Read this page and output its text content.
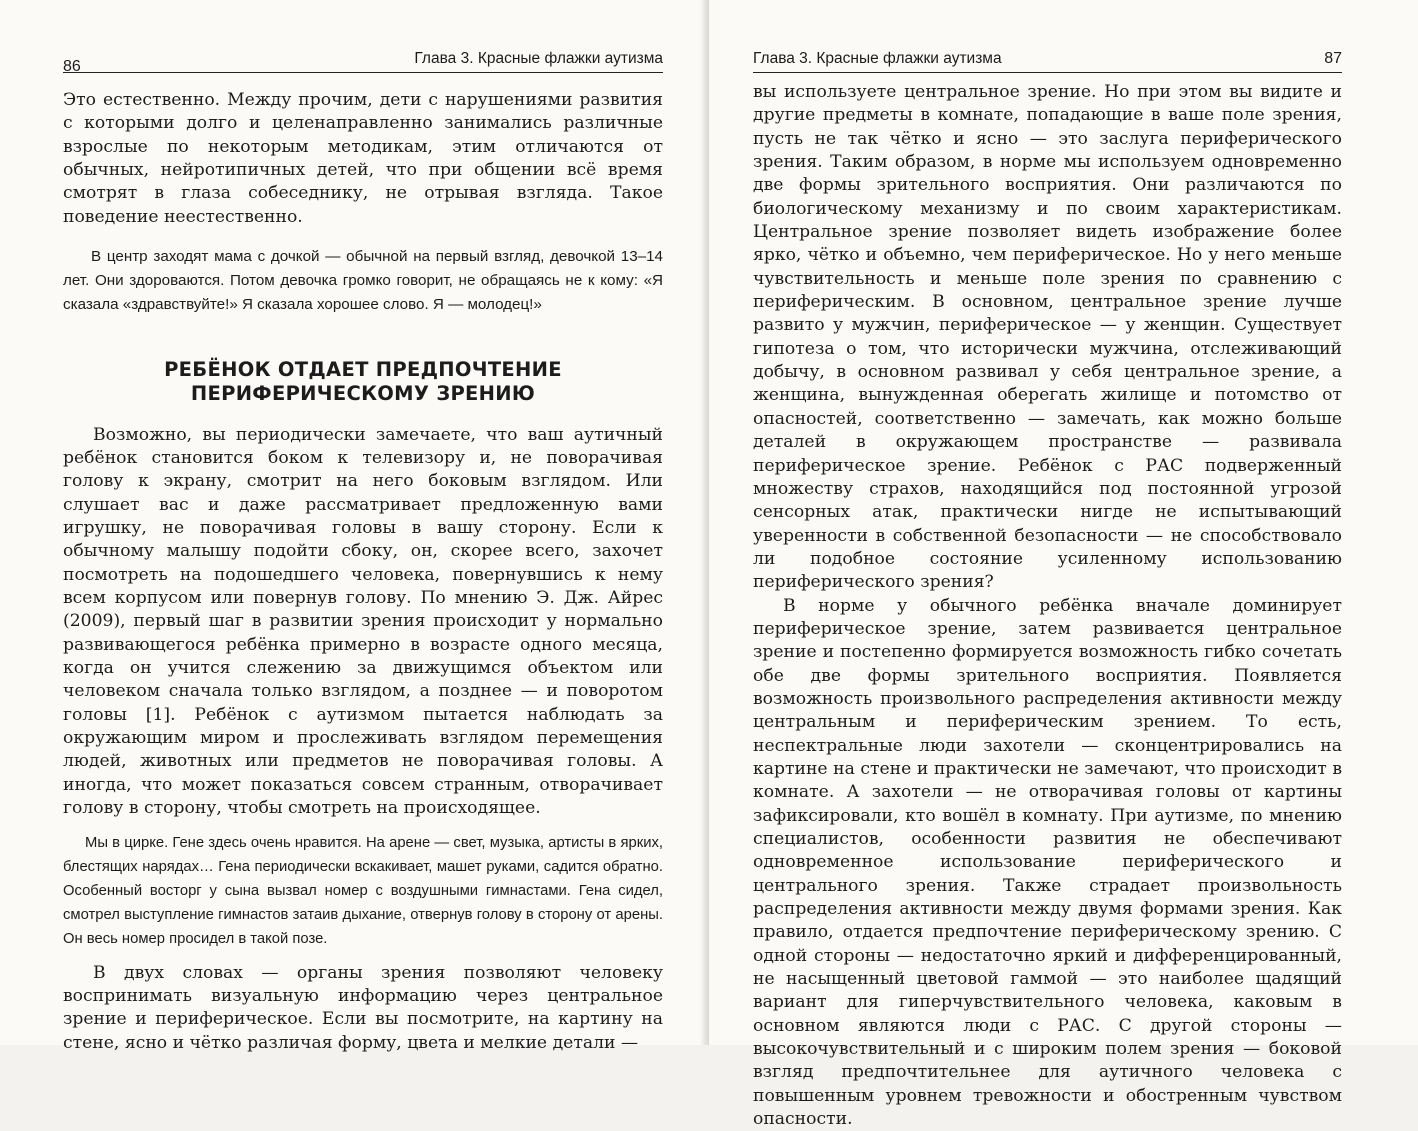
86	Глава 3. Красные флажки аутизма

Это естественно. Между прочим, дети с нарушениями развития с которыми долго и целенаправленно занимались различные взрослые по некоторым методикам, этим отличаются от обычных, нейротипичных детей, что при общении всё время смотрят в глаза собеседнику, не отрывая взгляда. Такое поведение неестественно.

В центр заходят мама с дочкой — обычной на первый взгляд, девочкой 13–14 лет. Они здороваются. Потом девочка громко говорит, не обращаясь не к кому: «Я сказала «здравствуйте!» Я сказала хорошее слово. Я — молодец!»

РЕБЁНОК ОТДАЕТ ПРЕДПОЧТЕНИЕ
ПЕРИФЕРИЧЕСКОМУ ЗРЕНИЮ

Возможно, вы периодически замечаете, что ваш аутичный ребёнок становится боком к телевизору и, не поворачивая голову к экрану, смотрит на него боковым взглядом. Или слушает вас и даже рассматривает предложенную вами игрушку, не поворачивая головы в вашу сторону. Если к обычному малышу подойти сбоку, он, скорее всего, захочет посмотреть на подошедшего человека, повернувшись к нему всем корпусом или повернув голову. По мнению Э. Дж. Айрес (2009), первый шаг в развитии зрения происходит у нормально развивающегося ребёнка примерно в возрасте одного месяца, когда он учится слежению за движущимся объектом или человеком сначала только взглядом, а позднее — и поворотом головы [1]. Ребёнок с аутизмом пытается наблюдать за окружающим миром и прослеживать взглядом перемещения людей, животных или предметов не поворачивая головы. А иногда, что может показаться совсем странным, отворачивает голову в сторону, чтобы смотреть на происходящее.

Мы в цирке. Гене здесь очень нравится. На арене — свет, музыка, артисты в ярких, блестящих нарядах… Гена периодически вскакивает, машет руками, садится обратно. Особенный восторг у сына вызвал номер с воздушными гимнастами. Гена сидел, смотрел выступление гимнастов затаив дыхание, отвернув голову в сторону от арены. Он весь номер просидел в такой позе.

В двух словах — органы зрения позволяют человеку воспринимать визуальную информацию через центральное зрение и периферическое. Если вы посмотрите, на картину на стене, ясно и чётко различая форму, цвета и мелкие детали —

Глава 3. Красные флажки аутизма	87

вы используете центральное зрение. Но при этом вы видите и другие предметы в комнате, попадающие в ваше поле зрения, пусть не так чётко и ясно — это заслуга периферического зрения. Таким образом, в норме мы используем одновременно две формы зрительного восприятия. Они различаются по биологическому механизму и по своим характеристикам. Центральное зрение позволяет видеть изображение более ярко, чётко и объемно, чем периферическое. Но у него меньше чувствительность и меньше поле зрения по сравнению с периферическим. В основном, центральное зрение лучше развито у мужчин, периферическое — у женщин. Существует гипотеза о том, что исторически мужчина, отслеживающий добычу, в основном развивал у себя центральное зрение, а женщина, вынужденная оберегать жилище и потомство от опасностей, соответственно — замечать, как можно больше деталей в окружающем пространстве — развивала периферическое зрение. Ребёнок с РАС подверженный множеству страхов, находящийся под постоянной угрозой сенсорных атак, практически нигде не испытывающий уверенности в собственной безопасности — не способствовало ли подобное состояние усиленному использованию периферического зрения?

В норме у обычного ребёнка вначале доминирует периферическое зрение, затем развивается центральное зрение и постепенно формируется возможность гибко сочетать обе две формы зрительного восприятия. Появляется возможность произвольного распределения активности между центральным и периферическим зрением. То есть, неспектральные люди захотели — сконцентрировались на картине на стене и практически не замечают, что происходит в комнате. А захотели — не отворачивая головы от картины зафиксировали, кто вошёл в комнату. При аутизме, по мнению специалистов, особенности развития не обеспечивают одновременное использование периферического и центрального зрения. Также страдает произвольность распределения активности между двумя формами зрения. Как правило, отдается предпочтение периферическому зрению. С одной стороны — недостаточно яркий и дифференцированный, не насыщенный цветовой гаммой — это наиболее щадящий вариант для гиперчувствительного человека, каковым в основном являются люди с РАС. С другой стороны — высокочувствительный и с широким полем зрения — боковой взгляд предпочтительнее для аутичного человека с повышенным уровнем тревожности и обостренным чувством опасности.
